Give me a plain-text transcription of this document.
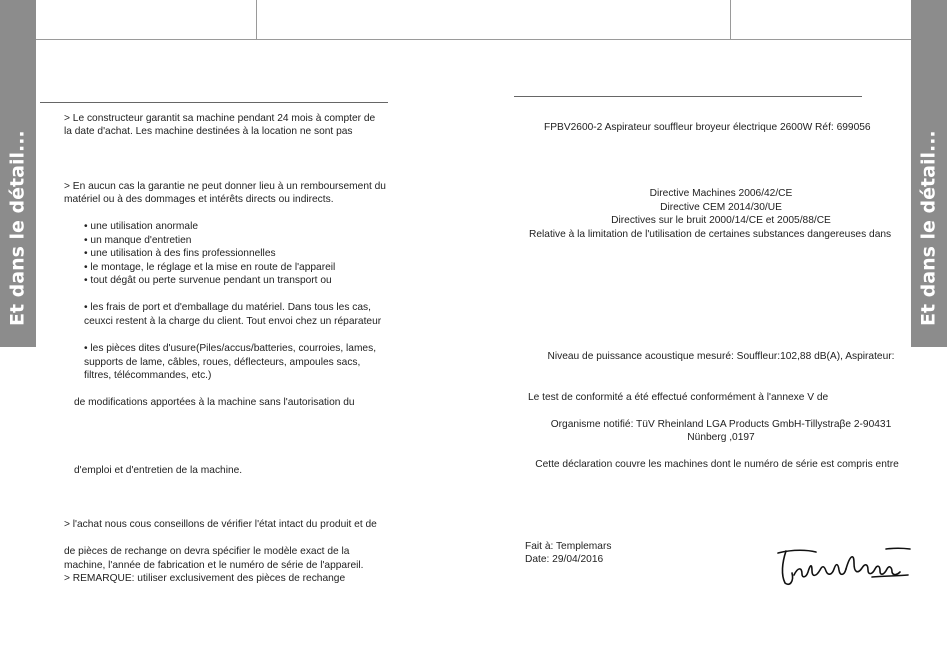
Et dans le détail...	Et dans le détail...

> Le constructeur garantit sa machine pendant 24 mois à compter de

la date d'achat. Les machine destinées à la location ne sont pas

> En aucun cas la garantie ne peut donner lieu à un remboursement du

matériel ou à des dommages et intérêts directs ou indirects.

• une utilisation anormale

• un manque d'entretien

• une utilisation à des fins professionnelles

• le montage, le réglage et la mise en route de l'appareil

• tout dégât ou perte survenue pendant un transport ou

• les frais de port et d'emballage du matériel. Dans tous les cas,

ceuxci restent à la charge du client. Tout envoi chez un réparateur

• les pièces dites d'usure(Piles/accus/batteries, courroies, lames,

supports de lame, câbles, roues, déflecteurs, ampoules sacs,

filtres, télécommandes, etc.)

de modifications apportées à la machine sans l'autorisation du

d'emploi et d'entretien de la machine.

> l'achat nous cous conseillons de vérifier l'état intact du produit et de

de pièces de rechange on devra spécifier le modèle exact de la

machine, l'année de fabrication et le numéro de série de l'appareil.

> REMARQUE: utiliser exclusivement des pièces de rechange

FPBV2600-2 Aspirateur souffleur broyeur électrique 2600W Réf: 699056

Directive Machines 2006/42/CE

Directive CEM 2014/30/UE

Directives sur le bruit 2000/14/CE et 2005/88/CE

Relative à la limitation de l'utilisation de certaines substances dangereuses dans

Niveau de puissance acoustique mesuré: Souffleur:102,88 dB(A), Aspirateur:

Le test de conformité a été effectué conformément à l'annexe V de

Organisme notifié: TüV Rheinland LGA Products GmbH-Tillystraβe 2-90431

Nünberg ,0197

Cette déclaration couvre les machines dont le numéro de série est compris entre

Fait à: Templemars

Date: 29/04/2016
